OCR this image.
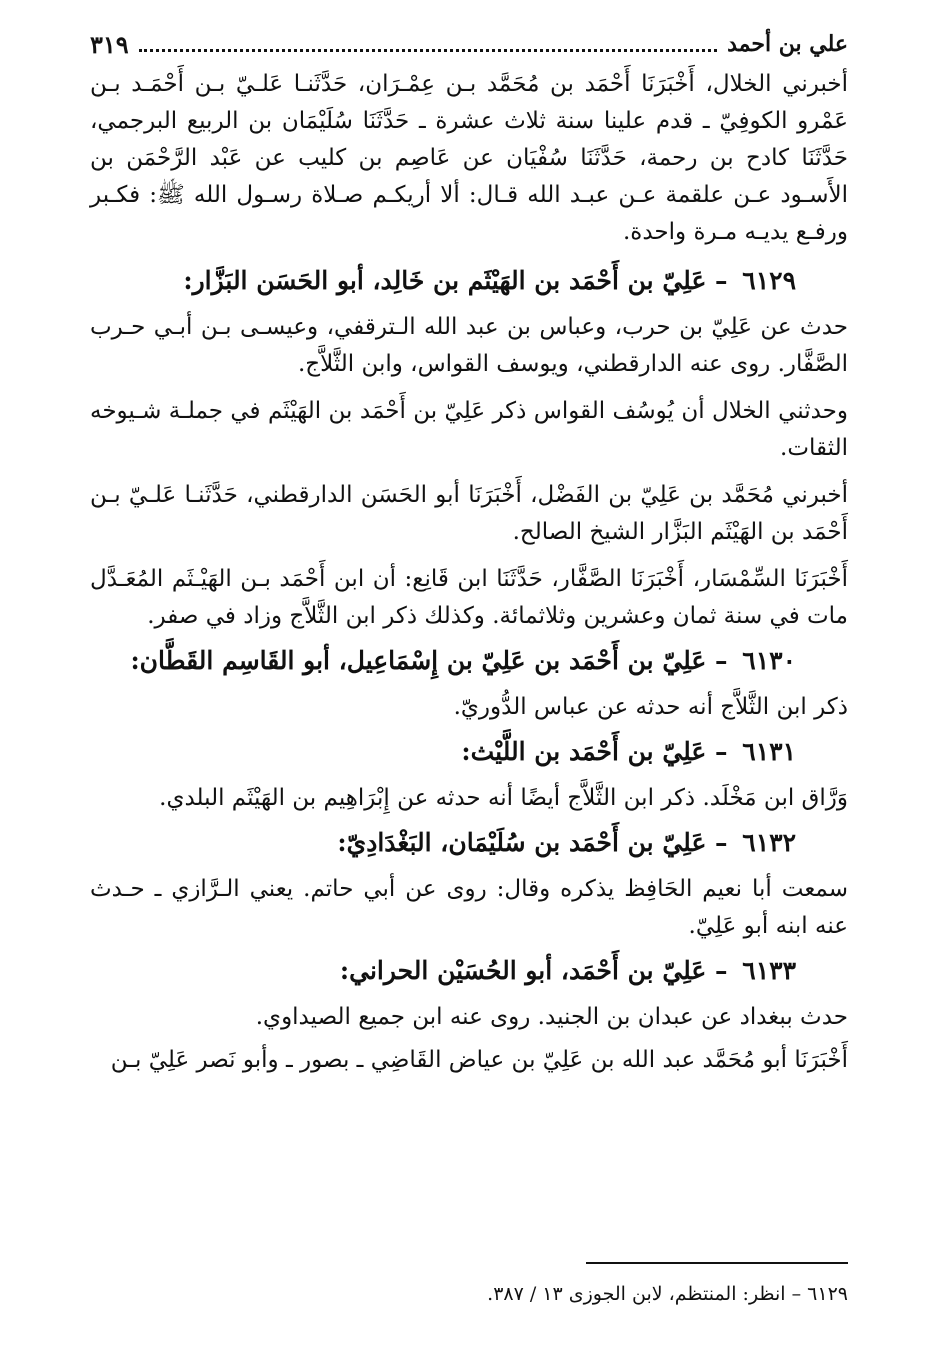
علي بن أحمد
٣١٩

أخبرني الخلال، أَخْبَرَنَا أَحْمَد بن مُحَمَّد بـن عِمْـرَان، حَدَّثَنـا عَلـيّ بـن أَحْمَـد بـن عَمْرو الكوفِيّ ـ قدم علينا سنة ثلاث عشرة ـ حَدَّثَنَا سُلَيْمَان بن الربيع البرجمي، حَدَّثَنَا كادح بن رحمة، حَدَّثَنَا سُفْيَان عن عَاصِم بن كليب عن عَبْد الرَّحْمَن بن الأَسـود عـن علقمة عـن عبـد الله قـال: ألا أريكـم صـلاة رسـول الله ﷺ: فكـبر ورفـع يديـه مـرة واحدة.

٦١٢٩ – عَلِيّ بن أَحْمَد بن الهَيْثَم بن خَالِد، أبو الحَسَن البَزَّار:

حدث عن عَلِيّ بن حرب، وعباس بن عبد الله الـترقفي، وعيسـى بـن أبـي حـرب الصَّفَّار. روى عنه الدارقطني، ويوسف القواس، وابن الثَّلاَّج.

وحدثني الخلال أن يُوسُف القواس ذكر عَلِيّ بن أَحْمَد بن الهَيْثَم في جملـة شـيوخه الثقات.

أخبرني مُحَمَّد بن عَلِيّ بن الفَضْل، أَخْبَرَنَا أبو الحَسَن الدارقطني، حَدَّثَنـا عَلـيّ بـن أَحْمَد بن الهَيْثَم البَزَّار الشيخ الصالح.

أَخْبَرَنَا السِّمْسَار، أَخْبَرَنَا الصَّفَّار، حَدَّثَنَا ابن قَانِع: أن ابن أَحْمَد بـن الهَيْـثَم المُعَـدَّل مات في سنة ثمان وعشرين وثلاثمائة. وكذلك ذكر ابن الثَّلاَّج وزاد في صفر.

٦١٣٠ – عَلِيّ بن أَحْمَد بن عَلِيّ بن إِسْمَاعِيل، أبو القَاسِم القَطَّان:

ذكر ابن الثَّلاَّج أنه حدثه عن عباس الدُّوريّ.

٦١٣١ – عَلِيّ بن أَحْمَد بن اللَّيْث:

وَرَّاق ابن مَخْلَد. ذكر ابن الثَّلاَّج أيضًا أنه حدثه عن إِبْرَاهِيم بن الهَيْثَم البلدي.

٦١٣٢ – عَلِيّ بن أَحْمَد بن سُلَيْمَان، البَغْدَادِيّ:

سمعت أبا نعيم الحَافِظ يذكره وقال: روى عن أبي حاتم. يعني الـرَّازي ـ حـدث عنه ابنه أبو عَلِيّ.

٦١٣٣ – عَلِيّ بن أَحْمَد، أبو الحُسَيْن الحراني:

حدث ببغداد عن عبدان بن الجنيد. روى عنه ابن جميع الصيداوي.

أَخْبَرَنَا أبو مُحَمَّد عبد الله بن عَلِيّ بن عياض القَاضِي ـ بصور ـ وأبو نَصر عَلِيّ بـن

٦١٢٩ – انظر: المنتظم، لابن الجوزى ١٣ / ٣٨٧.
